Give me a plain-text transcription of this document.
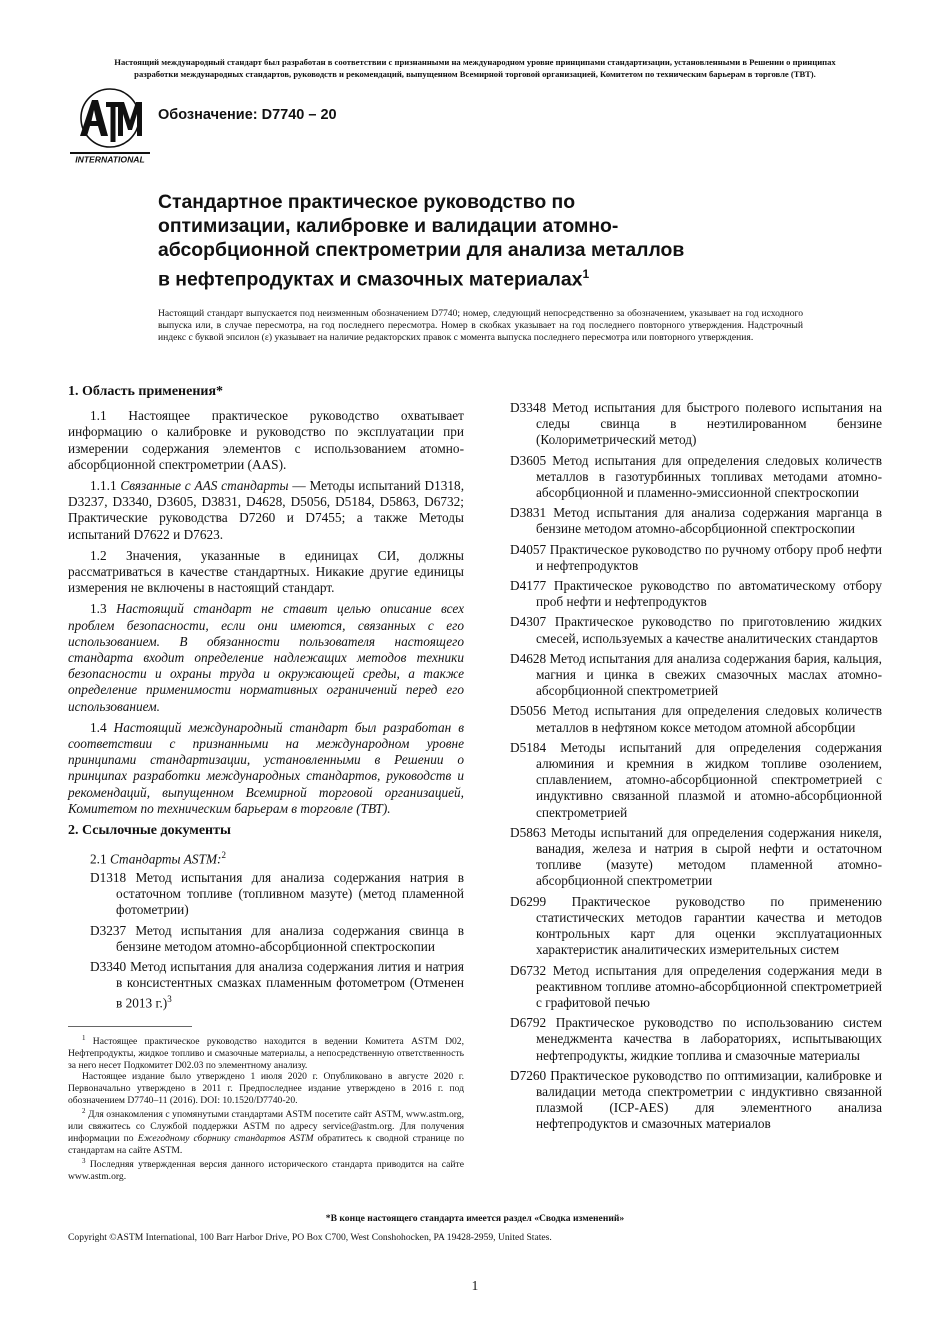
Настоящий международный стандарт был разработан в соответствии с признанными на международном уровне принципами стандартизации, установленными в Решении о принципах
разработки международных стандартов, руководств и рекомендаций, выпущенном Всемирной торговой организацией, Комитетом по техническим барьерам в торговле (ТВТ).
INTERNATIONAL
Обозначение: D7740 – 20
Стандартное практическое руководство по
оптимизации, калибровке и валидации атомно-
абсорбционной спектрометрии для анализа металлов
в нефтепродуктах и смазочных материалах$^1$
Настоящий стандарт выпускается под неизменным обозначением D7740; номер, следующий непосредственно за обозначением, указывает на год исходного выпуска или, в случае пересмотра, на год последнего пересмотра. Номер в скобках указывает на год последнего повторного утверждения. Надстрочный индекс с буквой эпсилон (ε) указывает на наличие редакторских правок с момента выпуска последнего пересмотра или повторного утверждения.
1. Область применения*

1.1 Настоящее практическое руководство охватывает информацию о калибровке и руководство по эксплуатации при измерении содержания элементов с использованием атомно-абсорбционной спектрометрии (AAS).

1.1.1 Связанные с AAS стандарты — Методы испытаний D1318, D3237, D3340, D3605, D3831, D4628, D5056, D5184, D5863, D6732; Практические руководства D7260 и D7455; а также Методы испытаний D7622 и D7623.

1.2 Значения, указанные в единицах СИ, должны рассматриваться в качестве стандартных. Никакие другие единицы измерения не включены в настоящий стандарт.

1.3 Настоящий стандарт не ставит целью описание всех проблем безопасности, если они имеются, связанных с его использованием. В обязанности пользователя настоящего стандарта входит определение надлежащих методов техники безопасности и охраны труда и окружающей среды, а также определение применимости нормативных ограничений перед его использованием.

1.4 Настоящий международный стандарт был разработан в соответствии с признанными на международном уровне принципами стандартизации, установленными в Решении о принципах разработки международных стандартов, руководств и рекомендаций, выпущенном Всемирной торговой организацией, Комитетом по техническим барьерам в торговле (ТВТ).

2. Ссылочные документы

2.1 Стандарты ASTM:$^2$

D1318 Метод испытания для анализа содержания натрия в остаточном топливе (топливном мазуте) (метод пламенной фотометрии)

D3237 Метод испытания для анализа содержания свинца в бензине методом атомно-абсорбционной спектроскопии

D3340 Метод испытания для анализа содержания лития и натрия в консистентных смазках пламенным фотометром (Отменен в 2013 г.)$^3$

D3348 Метод испытания для быстрого полевого испытания на следы свинца в неэтилированном бензине (Колориметрический метод)

D3605 Метод испытания для определения следовых количеств металлов в газотурбинных топливах методами атомно-абсорбционной и пламенно-эмиссионной спектроскопии

D3831 Метод испытания для анализа содержания марганца в бензине методом атомно-абсорбционной спектроскопии

D4057 Практическое руководство по ручному отбору проб нефти и нефтепродуктов

D4177 Практическое руководство по автоматическому отбору проб нефти и нефтепродуктов

D4307 Практическое руководство по приготовлению жидких смесей, используемых а качестве аналитических стандартов

D4628 Метод испытания для анализа содержания бария, кальция, магния и цинка в свежих смазочных маслах атомно-абсорбционной спектрометрией

D5056 Метод испытания для определения следовых количеств металлов в нефтяном коксе методом атомной абсорбции

D5184 Методы испытаний для определения содержания алюминия и кремния в жидком топливе озолением, сплавлением, атомно-абсорбционной спектрометрией с индуктивно связанной плазмой и атомно-абсорбционной спектрометрией

D5863 Методы испытаний для определения содержания никеля, ванадия, железа и натрия в сырой нефти и остаточном топливе (мазуте) методом пламенной атомно-абсорбционной спектрометрии

D6299 Практическое руководство по применению статистических методов гарантии качества и методов контрольных карт для оценки эксплуатационных характеристик аналитических измерительных систем

D6732 Метод испытания для определения содержания меди в реактивном топливе атомно-абсорбционной спектрометрией с графитовой печью

D6792 Практическое руководство по использованию систем менеджмента качества в лабораториях, испытывающих нефтепродукты, жидкие топлива и смазочные материалы

D7260 Практическое руководство по оптимизации, калибровке и валидации метода спектрометрии с индуктивно связанной плазмой (ICP-AES) для элементного анализа нефтепродуктов и смазочных материалов

$^1$ Настоящее практическое руководство находится в ведении Комитета ASTM D02, Нефтепродукты, жидкое топливо и смазочные материалы, а непосредственную ответственность за него несет Подкомитет D02.03 по элементному анализу.

Настоящее издание было утверждено 1 июля 2020 г. Опубликовано в августе 2020 г. Первоначально утверждено в 2011 г. Предпоследнее издание утверждено в 2016 г. под обозначением D7740–11 (2016). DOI: 10.1520/D7740-20.

$^2$ Для ознакомления с упомянутыми стандартами ASTM посетите сайт ASTM, www.astm.org, или свяжитесь со Службой поддержки ASTM по адресу service@astm.org. Для получения информации по Ежегодному сборнику стандартов ASTM обратитесь к сводной странице по стандартам на сайте ASTM.

$^3$ Последняя утвержденная версия данного исторического стандарта приводится на сайте www.astm.org.

*В конце настоящего стандарта имеется раздел «Сводка изменений»
Copyright ©ASTM International, 100 Barr Harbor Drive, PO Box C700, West Conshohocken, PA 19428-2959, United States.
1
